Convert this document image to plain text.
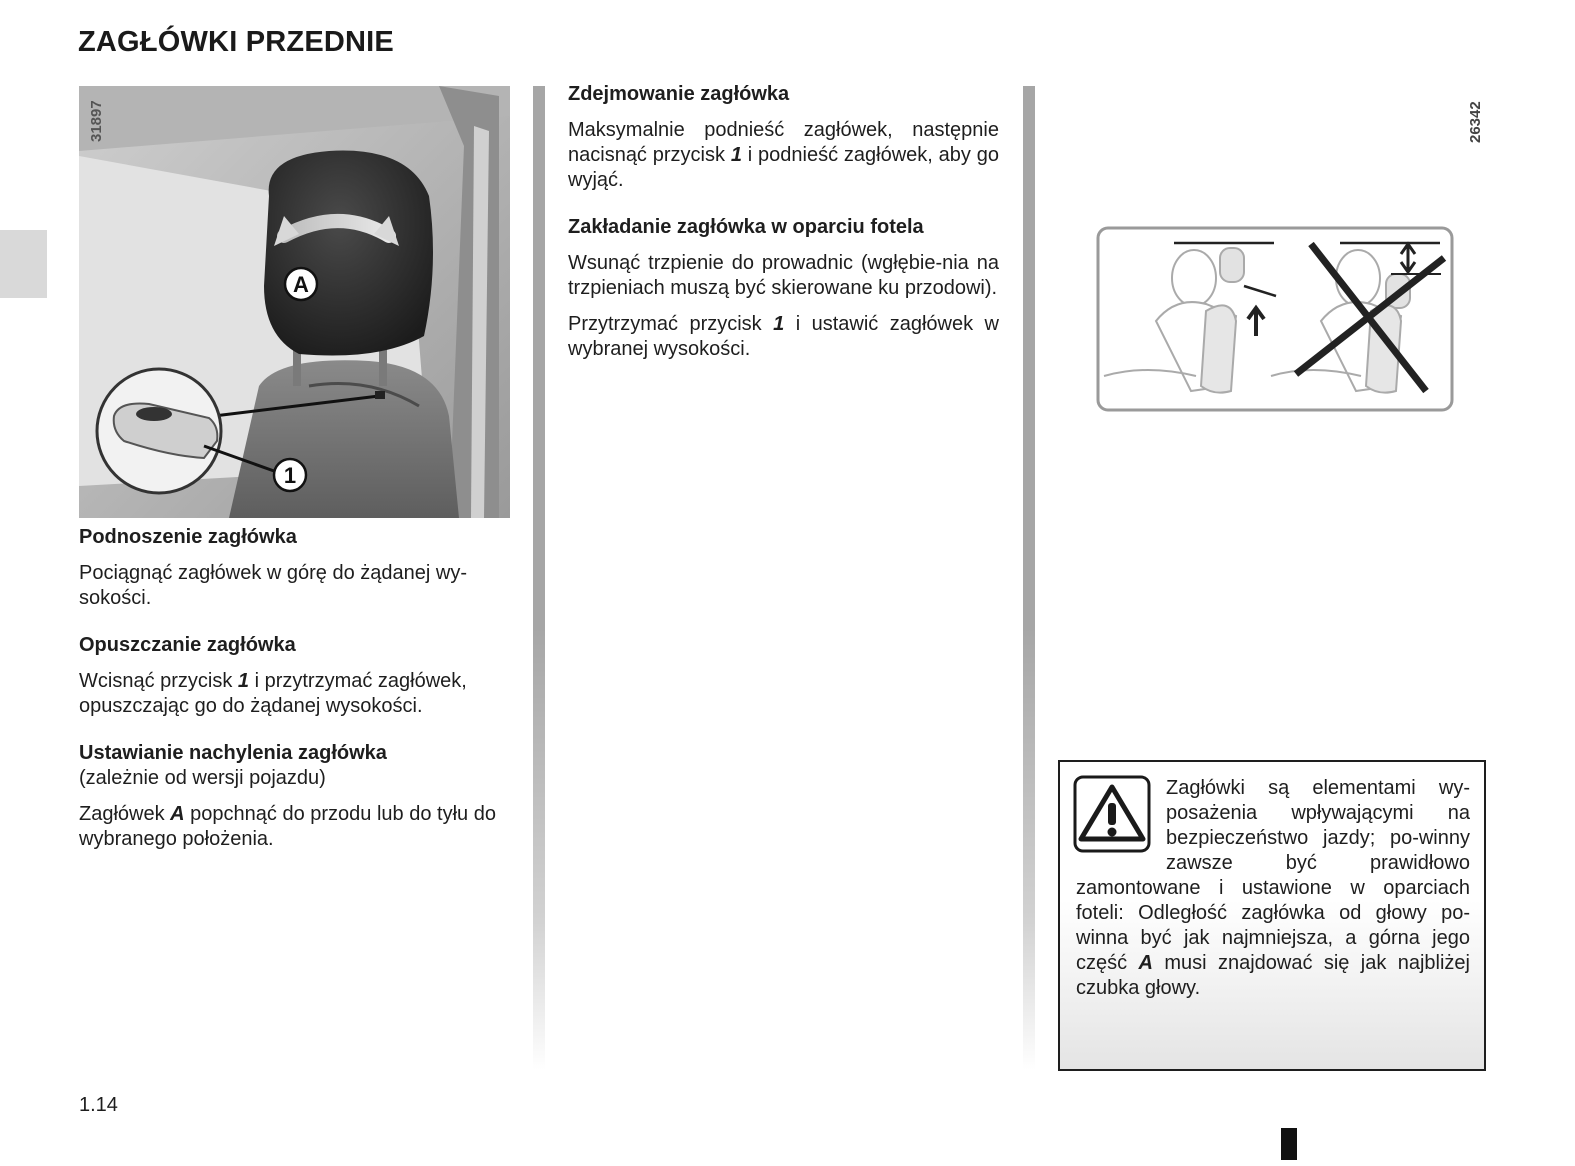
ZAGŁÓWKI PRZEDNIE
A
1
31897
Podnoszenie zagłówka

Pociągnąć zagłówek w górę do żądanej wy-sokości.

Opuszczanie zagłówka

Wcisnąć przycisk 1 i przytrzymać zagłówek, opuszczając go do żądanej wysokości.

Ustawianie nachylenia zagłówka

(zależnie od wersji pojazdu)

Zagłówek A popchnąć do przodu lub do tyłu do wybranego położenia.

Zdejmowanie zagłówka

Maksymalnie podnieść zagłówek, następnie nacisnąć przycisk 1 i podnieść zagłówek, aby go wyjąć.

Zakładanie zagłówka w oparciu fotela

Wsunąć trzpienie do prowadnic (wgłębie-nia na trzpieniach muszą być skierowane ku przodowi).

Przytrzymać przycisk 1 i ustawić zagłówek w wybranej wysokości.

26342
Zagłówki są elementami wy-posażenia wpływającymi na bezpieczeństwo jazdy; po-winny zawsze być prawidłowo zamontowane i ustawione w oparciach foteli: Odległość zagłówka od głowy po-winna być jak najmniejsza, a górna jego część A musi znajdować się jak najbliżej czubka głowy.
1.14
